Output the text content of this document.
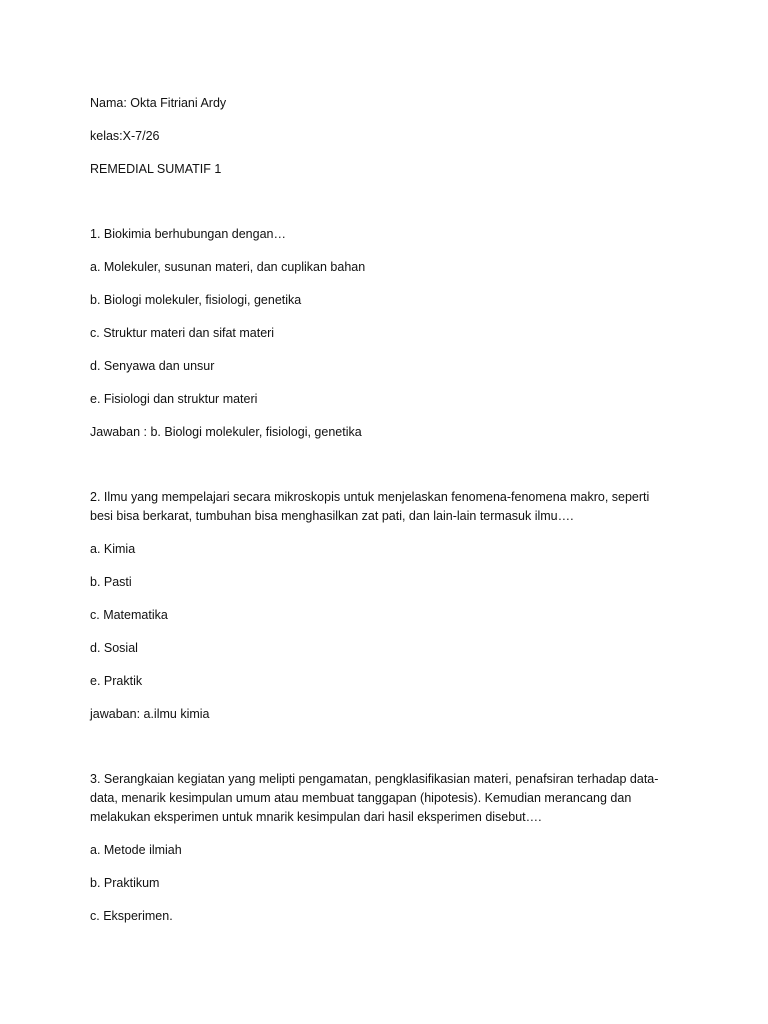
Nama: Okta Fitriani Ardy
kelas:X-7/26
REMEDIAL SUMATIF 1
1. Biokimia berhubungan dengan…
a. Molekuler, susunan materi, dan cuplikan bahan
b. Biologi molekuler, fisiologi, genetika
c. Struktur materi dan sifat materi
d. Senyawa dan unsur
e. Fisiologi dan struktur materi
Jawaban : b. Biologi molekuler, fisiologi, genetika
2. Ilmu yang mempelajari secara mikroskopis untuk menjelaskan fenomena-fenomena makro, seperti besi bisa berkarat, tumbuhan bisa menghasilkan zat pati, dan lain-lain termasuk ilmu….
a. Kimia
b. Pasti
c. Matematika
d. Sosial
e. Praktik
jawaban: a.ilmu kimia
3. Serangkaian kegiatan yang melipti pengamatan, pengklasifikasian materi, penafsiran terhadap data-data, menarik kesimpulan umum atau membuat tanggapan (hipotesis). Kemudian merancang dan melakukan eksperimen untuk mnarik kesimpulan dari hasil eksperimen disebut….
a. Metode ilmiah
b. Praktikum
c. Eksperimen.
